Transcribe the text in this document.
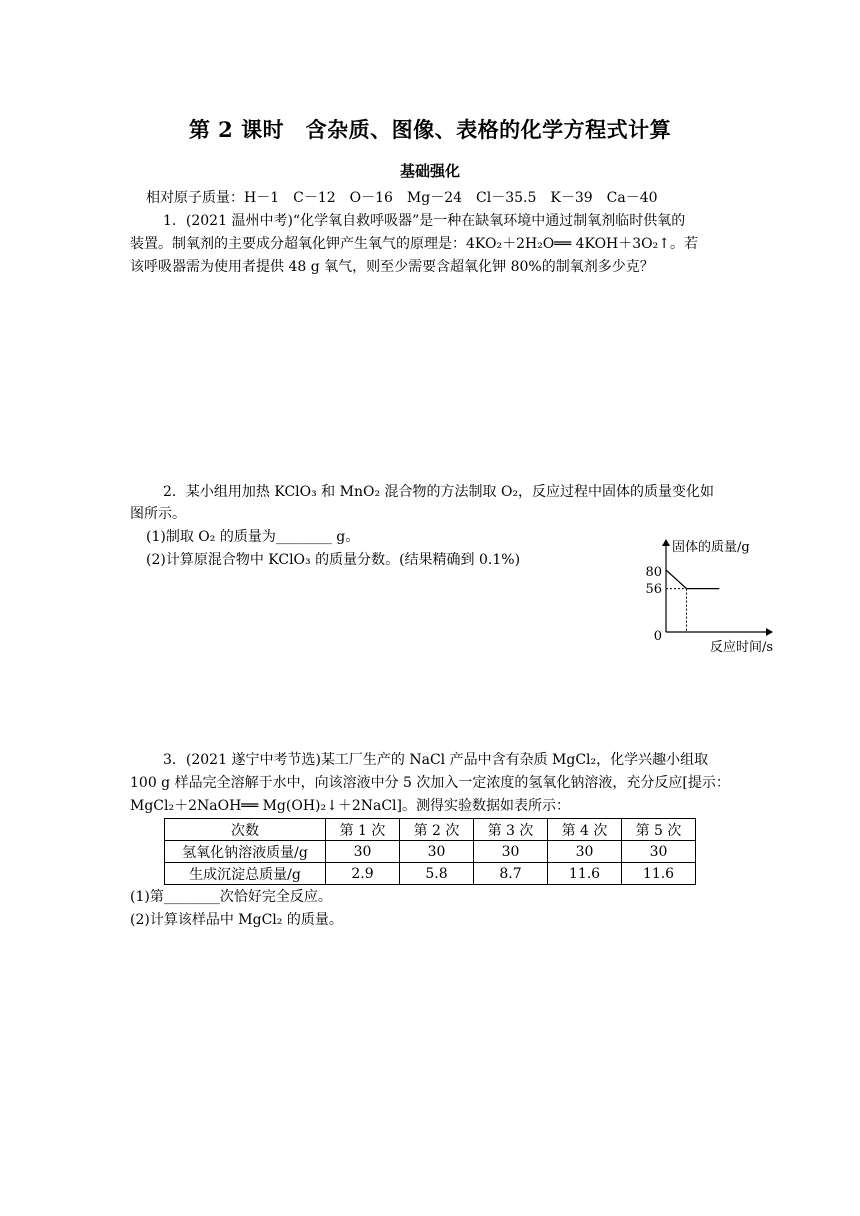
第 2 课时　含杂质、图像、表格的化学方程式计算
基础强化
相对原子质量：H－1　C－12　O－16　Mg－24　Cl－35.5　K－39　Ca－40
1．(2021 温州中考)“化学氧自救呼吸器”是一种在缺氧环境中通过制氧剂临时供氧的
装置。制氧剂的主要成分超氧化钾产生氧气的原理是：4KO₂＋2H₂O══ 4KOH＋3O₂↑。若
该呼吸器需为使用者提供 48 g 氧气，则至少需要含超氧化钾 80%的制氧剂多少克？
2．某小组用加热 KClO₃ 和 MnO₂ 混合物的方法制取 O₂，反应过程中固体的质量变化如
图所示。
(1)制取 O₂ 的质量为________ g。
(2)计算原混合物中 KClO₃ 的质量分数。(结果精确到 0.1%)
固体的质量/g
反应时间/s
80
56
0
3．(2021 遂宁中考节选)某工厂生产的 NaCl 产品中含有杂质 MgCl₂，化学兴趣小组取
100 g 样品完全溶解于水中，向该溶液中分 5 次加入一定浓度的氢氧化钠溶液，充分反应[提示：
MgCl₂＋2NaOH══ Mg(OH)₂↓＋2NaCl]。测得实验数据如表所示：
次数	第 1 次	第 2 次	第 3 次	第 4 次	第 5 次
氢氧化钠溶液质量/g	30	30	30	30	30
生成沉淀总质量/g	2.9	5.8	8.7	11.6	11.6
(1)第________次恰好完全反应。
(2)计算该样品中 MgCl₂ 的质量。
